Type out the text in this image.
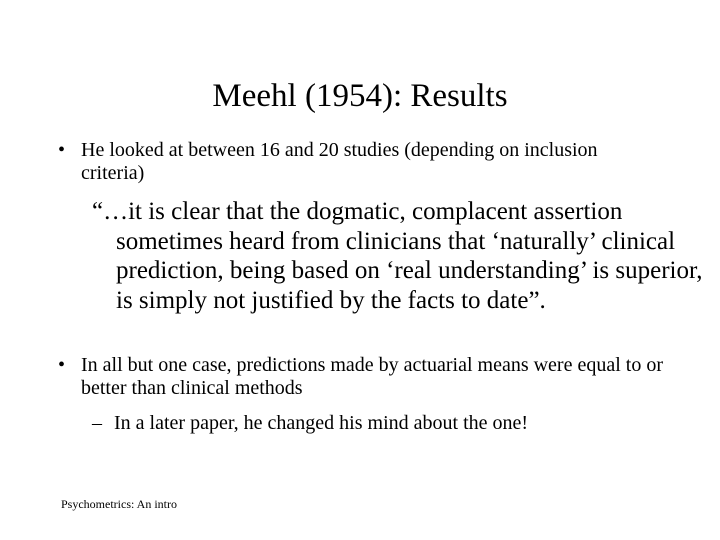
Meehl (1954): Results
• He looked at between 16 and 20 studies (depending on inclusion criteria)
“…it is clear that the dogmatic, complacent assertion sometimes heard from clinicians that ‘naturally’ clinical prediction, being based on ‘real understanding’ is superior, is simply not justified by the facts to date”.
• In all but one case, predictions made by actuarial means were equal to or better than clinical methods
– In a later paper, he changed his mind about the one!
Psychometrics: An intro
